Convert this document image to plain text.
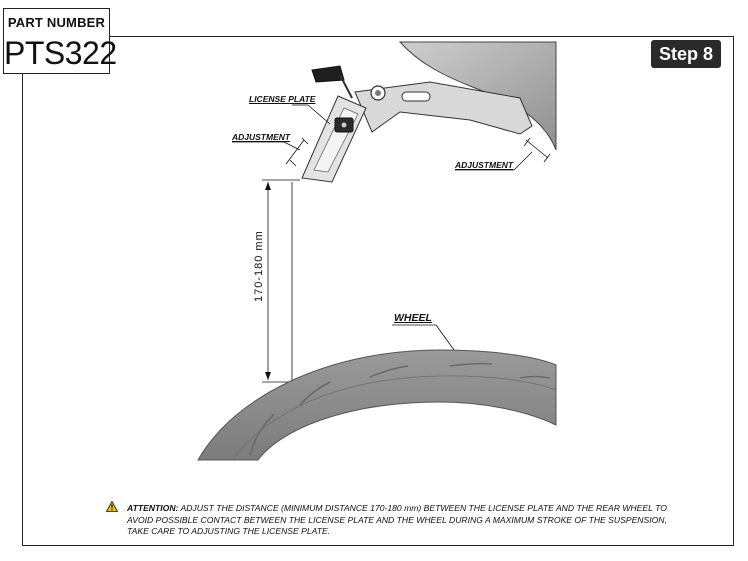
PART NUMBER
PTS322	Step 8
LICENSE PLATE
ADJUSTMENT
ADJUSTMENT
WHEEL
170-180 mm
ATTENTION: ADJUST THE DISTANCE (MINIMUM DISTANCE 170-180 mm) BETWEEN THE LICENSE PLATE AND THE REAR WHEEL TO AVOID POSSIBLE CONTACT BETWEEN THE LICENSE PLATE AND THE WHEEL DURING A MAXIMUM STROKE OF THE SUSPENSION, TAKE CARE TO ADJUSTING THE LICENSE PLATE.
